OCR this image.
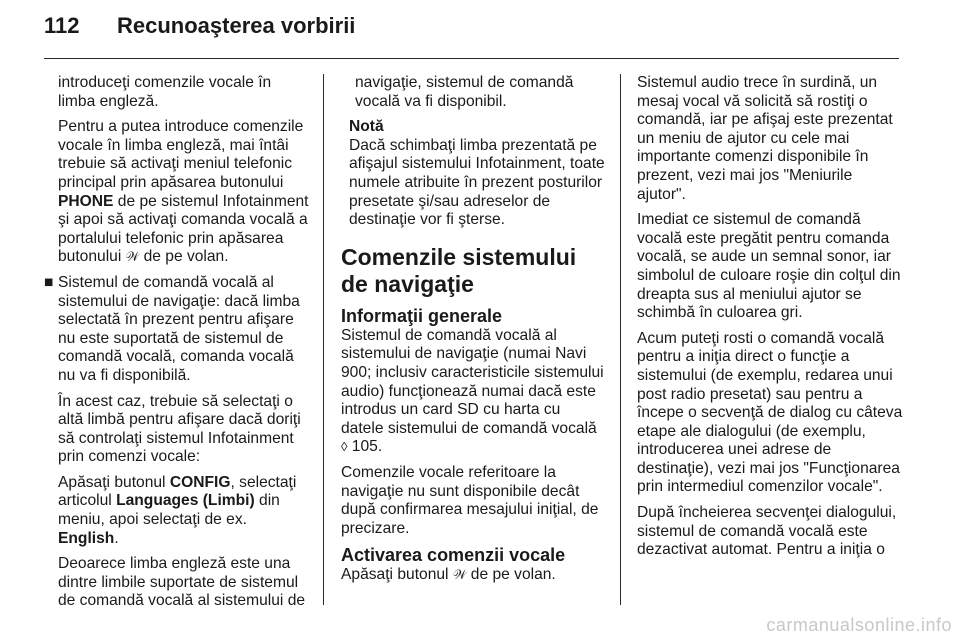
112 Recunoaşterea vorbirii

introduceţi comenzile vocale în limba engleză.

Pentru a putea introduce comenzile vocale în limba engleză, mai întâi trebuie să activaţi meniul telefonic principal prin apăsarea butonului PHONE de pe sistemul Infotainment şi apoi să activaţi comanda vocală a portalului telefonic prin apăsarea butonului 𝒲 de pe volan.

■ Sistemul de comandă vocală al sistemului de navigaţie: dacă limba selectată în prezent pentru afişare nu este suportată de sistemul de comandă vocală, comanda vocală nu va fi disponibilă.

În acest caz, trebuie să selectaţi o altă limbă pentru afişare dacă doriţi să controlaţi sistemul Infotainment prin comenzi vocale:

Apăsaţi butonul CONFIG, selectaţi articolul Languages (Limbi) din meniu, apoi selectaţi de ex. English.

Deoarece limba engleză este una dintre limbile suportate de sistemul de comandă vocală al sistemului de

navigaţie, sistemul de comandă vocală va fi disponibil.

Notă

Dacă schimbaţi limba prezentată pe afişajul sistemului Infotainment, toate numele atribuite în prezent posturilor presetate şi/sau adreselor de destinaţie vor fi şterse.

Comenzile sistemului de navigaţie
Informaţii generale

Sistemul de comandă vocală al sistemului de navigaţie (numai Navi 900; inclusiv caracteristicile sistemului audio) funcţionează numai dacă este introdus un card SD cu harta cu datele sistemului de comandă vocală ◊ 105.

Comenzile vocale referitoare la navigaţie nu sunt disponibile decât după confirmarea mesajului iniţial, de precizare.

Activarea comenzii vocale

Apăsaţi butonul 𝒲 de pe volan.

Sistemul audio trece în surdină, un mesaj vocal vă solicită să rostiţi o comandă, iar pe afişaj este prezentat un meniu de ajutor cu cele mai importante comenzi disponibile în prezent, vezi mai jos "Meniurile ajutor".

Imediat ce sistemul de comandă vocală este pregătit pentru comanda vocală, se aude un semnal sonor, iar simbolul de culoare roşie din colţul din dreapta sus al meniului ajutor se schimbă în culoarea gri.

Acum puteţi rosti o comandă vocală pentru a iniţia direct o funcţie a sistemului (de exemplu, redarea unui post radio presetat) sau pentru a începe o secvenţă de dialog cu câteva etape ale dialogului (de exemplu, introducerea unei adrese de destinaţie), vezi mai jos "Funcţionarea prin intermediul comenzilor vocale".

După încheierea secvenţei dialogului, sistemul de comandă vocală este dezactivat automat. Pentru a iniţia o

carmanualsonline.info
